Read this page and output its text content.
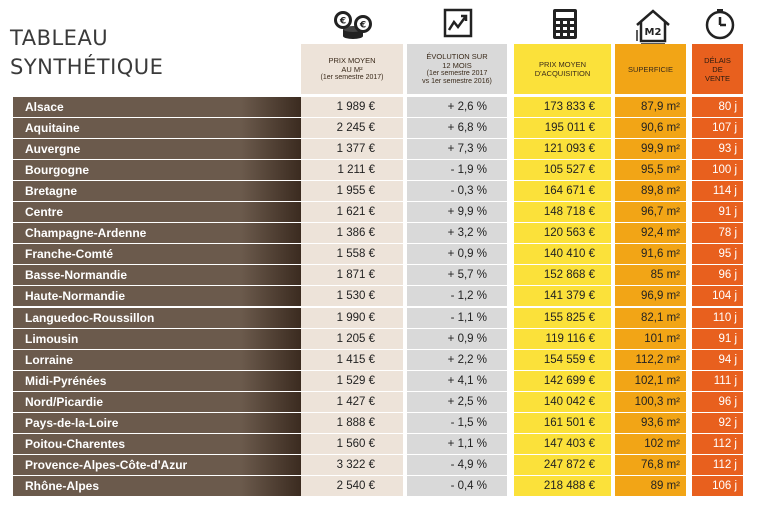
TABLEAU
SYNTHÉTIQUE
€ €
M2
PRIX MOYEN
AU M²
(1er semestre 2017)
ÉVOLUTION SUR
12 MOIS
(1er semestre 2017
vs 1er semestre 2016)
PRIX MOYEN
D'ACQUISITION	SUPERFICIE
DÉLAIS
DE
VENTE
Alsace	1 989 €	+ 2,6 %	173 833 €	87,9 m²	80 j
Aquitaine	2 245 €	+ 6,8 %	195 011 €	90,6 m²	107 j
Auvergne	1 377 €	+ 7,3 %	121 093 €	99,9 m²	93 j
Bourgogne	1 211 €	- 1,9 %	105 527 €	95,5 m²	100 j
Bretagne	1 955 €	- 0,3 %	164 671 €	89,8 m²	114 j
Centre	1 621 €	+ 9,9 %	148 718 €	96,7 m²	91 j
Champagne-Ardenne	1 386 €	+ 3,2 %	120 563 €	92,4 m²	78 j
Franche-Comté	1 558 €	+ 0,9 %	140 410 €	91,6 m²	95 j
Basse-Normandie	1 871 €	+ 5,7 %	152 868 €	85 m²	96 j
Haute-Normandie	1 530 €	- 1,2 %	141 379 €	96,9 m²	104 j
Languedoc-Roussillon	1 990 €	- 1,1 %	155 825 €	82,1 m²	110 j
Limousin	1 205 €	+ 0,9 %	119 116 €	101 m²	91 j
Lorraine	1 415 €	+ 2,2 %	154 559 €	112,2 m²	94 j
Midi-Pyrénées	1 529 €	+ 4,1 %	142 699 €	102,1 m²	111 j
Nord/Picardie	1 427 €	+ 2,5 %	140 042 €	100,3 m²	96 j
Pays-de-la-Loire	1 888 €	- 1,5 %	161 501 €	93,6 m²	92 j
Poitou-Charentes	1 560 €	+ 1,1 %	147 403 €	102 m²	112 j
Provence-Alpes-Côte-d'Azur	3 322 €	- 4,9 %	247 872 €	76,8 m²	112 j
Rhône-Alpes	2 540 €	- 0,4 %	218 488 €	89 m²	106 j
